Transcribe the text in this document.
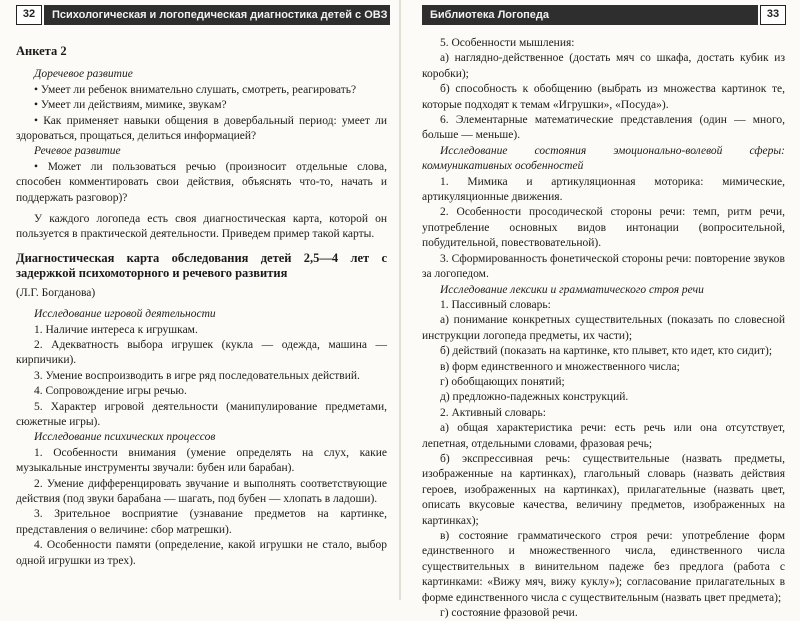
32	Психологическая и логопедическая диагностика детей с ОВЗ

Анкета 2

Доречевое развитие

• Умеет ли ребенок внимательно слушать, смотреть, реагировать?

• Умеет ли действиям, мимике, звукам?

• Как применяет навыки общения в довербальный период: умеет ли здороваться, прощаться, делиться информацией?

Речевое развитие

• Может ли пользоваться речью (произносит отдельные слова, способен комментировать свои действия, объяснять что-то, начать и поддержать разговор)?

У каждого логопеда есть своя диагностическая карта, которой он пользуется в практической деятельности. Приведем пример такой карты.

Диагностическая карта обследования детей 2,5—4 лет с задержкой психомоторного и речевого развития

(Л.Г. Богданова)

Исследование игровой деятельности

1. Наличие интереса к игрушкам.

2. Адекватность выбора игрушек (кукла — одежда, машина — кирпичики).

3. Умение воспроизводить в игре ряд последовательных действий.

4. Сопровождение игры речью.

5. Характер игровой деятельности (манипулирование предметами, сюжетные игры).

Исследование психических процессов

1. Особенности внимания (умение определять на слух, какие музыкальные инструменты звучали: бубен или барабан).

2. Умение дифференцировать звучание и выполнять соответствующие действия (под звуки барабана — шагать, под бубен — хлопать в ладоши).

3. Зрительное восприятие (узнавание предметов на картинке, представления о величине: сбор матрешки).

4. Особенности памяти (определение, какой игрушки не стало, выбор одной игрушки из трех).

Библиотека Логопеда	33

5. Особенности мышления:

а) наглядно-действенное (достать мяч со шкафа, достать кубик из коробки);

б) способность к обобщению (выбрать из множества картинок те, которые подходят к темам «Игрушки», «Посуда»).

6. Элементарные математические представления (один — много, больше — меньше).

Исследование состояния эмоционально-волевой сферы: коммуникативных особенностей

1. Мимика и артикуляционная моторика: мимические, артикуляционные движения.

2. Особенности просодической стороны речи: темп, ритм речи, употребление основных видов интонации (вопросительной, побудительной, повествовательной).

3. Сформированность фонетической стороны речи: повторение звуков за логопедом.

Исследование лексики и грамматического строя речи

1. Пассивный словарь:

а) понимание конкретных существительных (показать по словесной инструкции логопеда предметы, их части);

б) действий (показать на картинке, кто плывет, кто идет, кто сидит);

в) форм единственного и множественного числа;

г) обобщающих понятий;

д) предложно-падежных конструкций.

2. Активный словарь:

а) общая характеристика речи: есть речь или она отсутствует, лепетная, отдельными словами, фразовая речь;

б) экспрессивная речь: существительные (назвать предметы, изображенные на картинках), глагольный словарь (назвать действия героев, изображенных на картинках), прилагательные (назвать цвет, описать вкусовые качества, величину предметов, изображенных на картинках);

в) состояние грамматического строя речи: употребление форм единственного и множественного числа, единственного числа существительных в винительном падеже без предлога (работа с картинками: «Вижу мяч, вижу куклу»); согласование прилагательных в форме единственного числа с существительным (назвать цвет предмета);

г) состояние фразовой речи.
